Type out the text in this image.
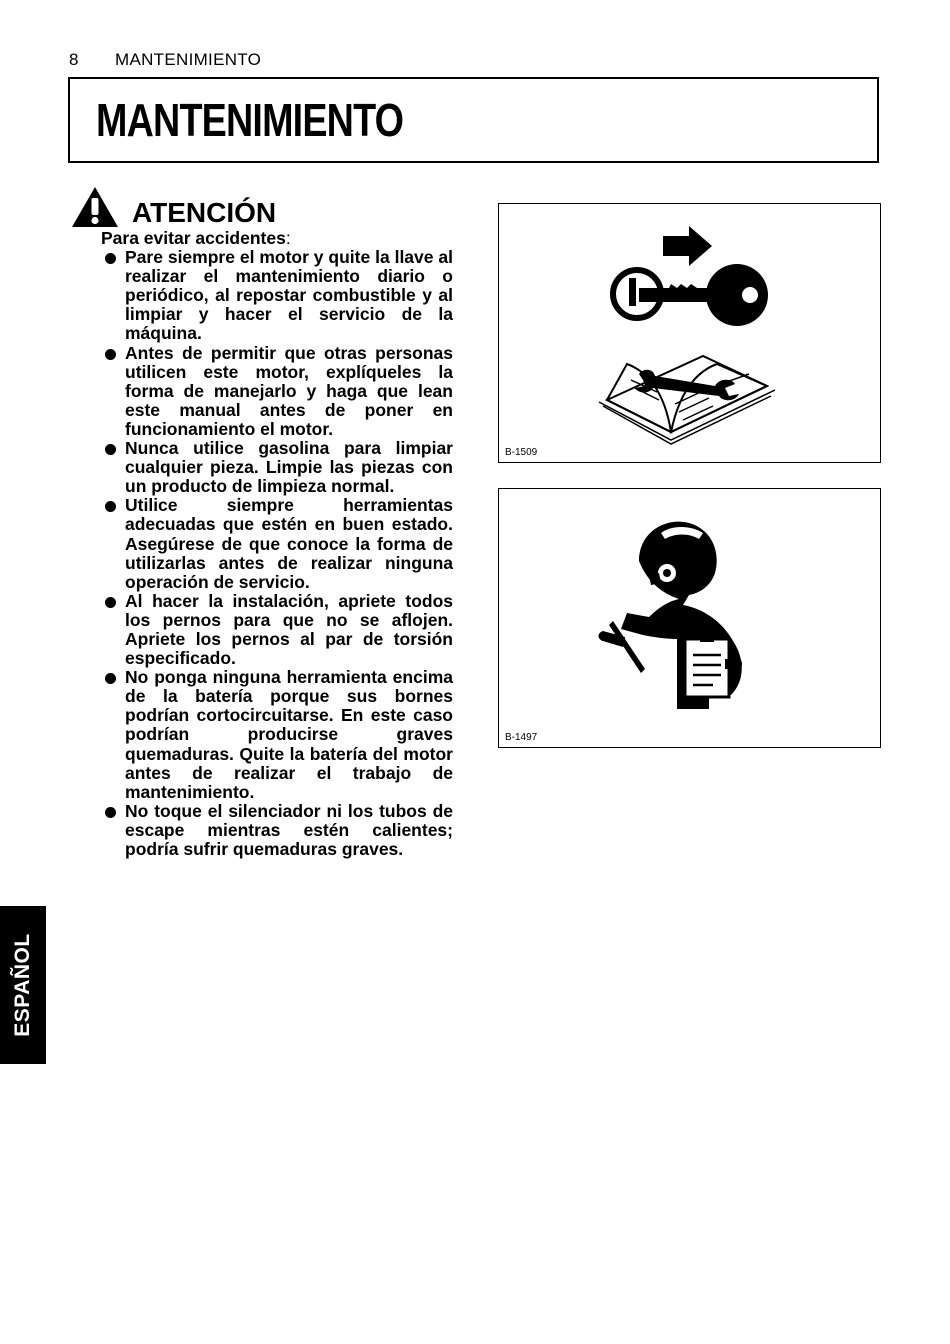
8 MANTENIMIENTO
MANTENIMIENTO
ATENCIÓN

Para evitar accidentes:

Pare siempre el motor y quite la llave al realizar el mantenimiento diario o periódico, al repostar combustible y al limpiar y hacer el servicio de la máquina.
Antes de permitir que otras personas utilicen este motor, explíqueles la forma de manejarlo y haga que lean este manual antes de poner en funcionamiento el motor.
Nunca utilice gasolina para limpiar cualquier pieza. Limpie las piezas con un producto de limpieza normal.
Utilice siempre herramientas adecuadas que estén en buen estado. Asegúrese de que conoce la forma de utilizarlas antes de realizar ninguna operación de servicio.
Al hacer la instalación, apriete todos los pernos para que no se aflojen. Apriete los pernos al par de torsión especificado.
No ponga ninguna herramienta encima de la batería porque sus bornes podrían cortocircuitarse. En este caso podrían producirse graves quemaduras. Quite la batería del motor antes de realizar el trabajo de mantenimiento.
No toque el silenciador ni los tubos de escape mientras estén calientes; podría sufrir quemaduras graves.
B-1509
B-1497
ESPAÑOL
